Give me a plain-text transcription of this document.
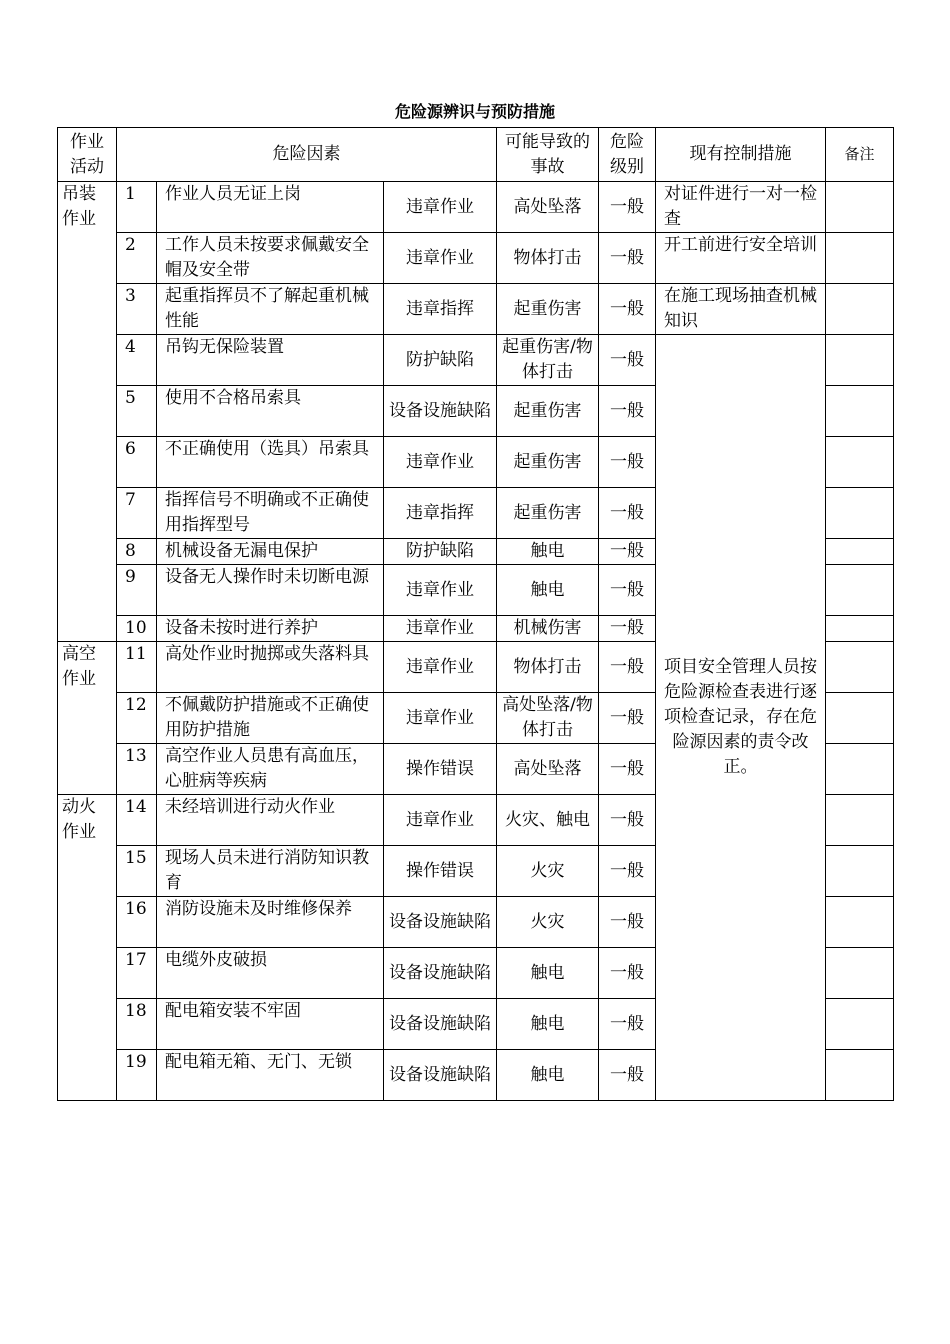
危险源辨识与预防措施
作业活动	危险因素			可能导致的事故	危险级别	现有控制措施	备注
吊装作业	1	作业人员无证上岗	违章作业	高处坠落	一般	对证件进行一对一检查	
	2	工作人员未按要求佩戴安全帽及安全带	违章作业	物体打击	一般	开工前进行安全培训	
	3	起重指挥员不了解起重机械性能	违章指挥	起重伤害	一般	在施工现场抽查机械知识	
	4	吊钩无保险装置	防护缺陷	起重伤害/物体打击	一般	项目安全管理人员按危险源检查表进行逐项检查记录，存在危险源因素的责令改正。	
	5	使用不合格吊索具	设备设施缺陷	起重伤害	一般		
	6	不正确使用（选具）吊索具	违章作业	起重伤害	一般		
	7	指挥信号不明确或不正确使用指挥型号	违章指挥	起重伤害	一般		
	8	机械设备无漏电保护	防护缺陷	触电	一般		
	9	设备无人操作时未切断电源	违章作业	触电	一般		
	10	设备未按时进行养护	违章作业	机械伤害	一般		
高空作业	11	高处作业时抛掷或失落料具	违章作业	物体打击	一般		
	12	不佩戴防护措施或不正确使用防护措施	违章作业	高处坠落/物体打击	一般		
	13	高空作业人员患有高血压，心脏病等疾病	操作错误	高处坠落	一般		
动火作业	14	未经培训进行动火作业	违章作业	火灾、触电	一般		
	15	现场人员未进行消防知识教育	操作错误	火灾	一般		
	16	消防设施未及时维修保养	设备设施缺陷	火灾	一般		
	17	电缆外皮破损	设备设施缺陷	触电	一般		
	18	配电箱安装不牢固	设备设施缺陷	触电	一般		
	19	配电箱无箱、无门、无锁	设备设施缺陷	触电	一般		
